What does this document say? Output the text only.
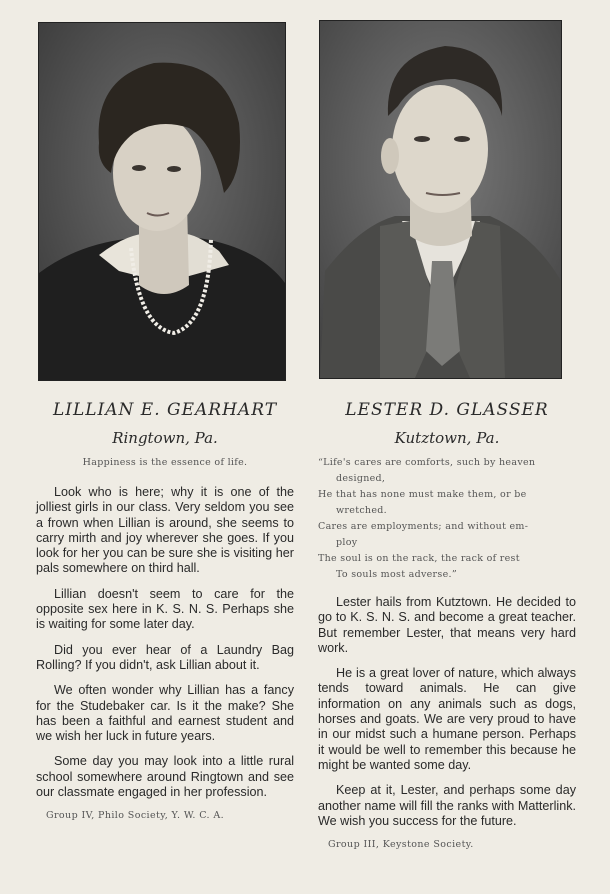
LILLIAN E. GEARHART
Ringtown, Pa.
Happiness is the essence of life.

Look who is here; why it is one of the jolliest girls in our class. Very seldom you see a frown when Lillian is around, she seems to carry mirth and joy wherever she goes. If you look for her you can be sure she is visiting her pals somewhere on third hall.

Lillian doesn't seem to care for the opposite sex here in K. S. N. S. Perhaps she is waiting for some later day.

Did you ever hear of a Laundry Bag Rolling? If you didn't, ask Lillian about it.

We often wonder why Lillian has a fancy for the Studebaker car. Is it the make? She has been a faithful and earnest student and we wish her luck in future years.

Some day you may look into a little rural school somewhere around Ringtown and see our classmate engaged in her profession.

Group IV, Philo Society, Y. W. C. A.
LESTER D. GLASSER
Kutztown, Pa.
“Life's cares are comforts, such by heaven
designed,
He that has none must make them, or be
wretched.
Cares are employments; and without em-
ploy
The soul is on the rack, the rack of rest
To souls most adverse.”

Lester hails from Kutztown. He decided to go to K. S. N. S. and become a great teacher. But remember Lester, that means very hard work.

He is a great lover of nature, which always tends toward animals. He can give information on any animals such as dogs, horses and goats. We are very proud to have in our midst such a humane person. Perhaps it would be well to remember this because he might be wanted some day.

Keep at it, Lester, and perhaps some day another name will fill the ranks with Matterlink. We wish you success for the future.

Group III, Keystone Society.
